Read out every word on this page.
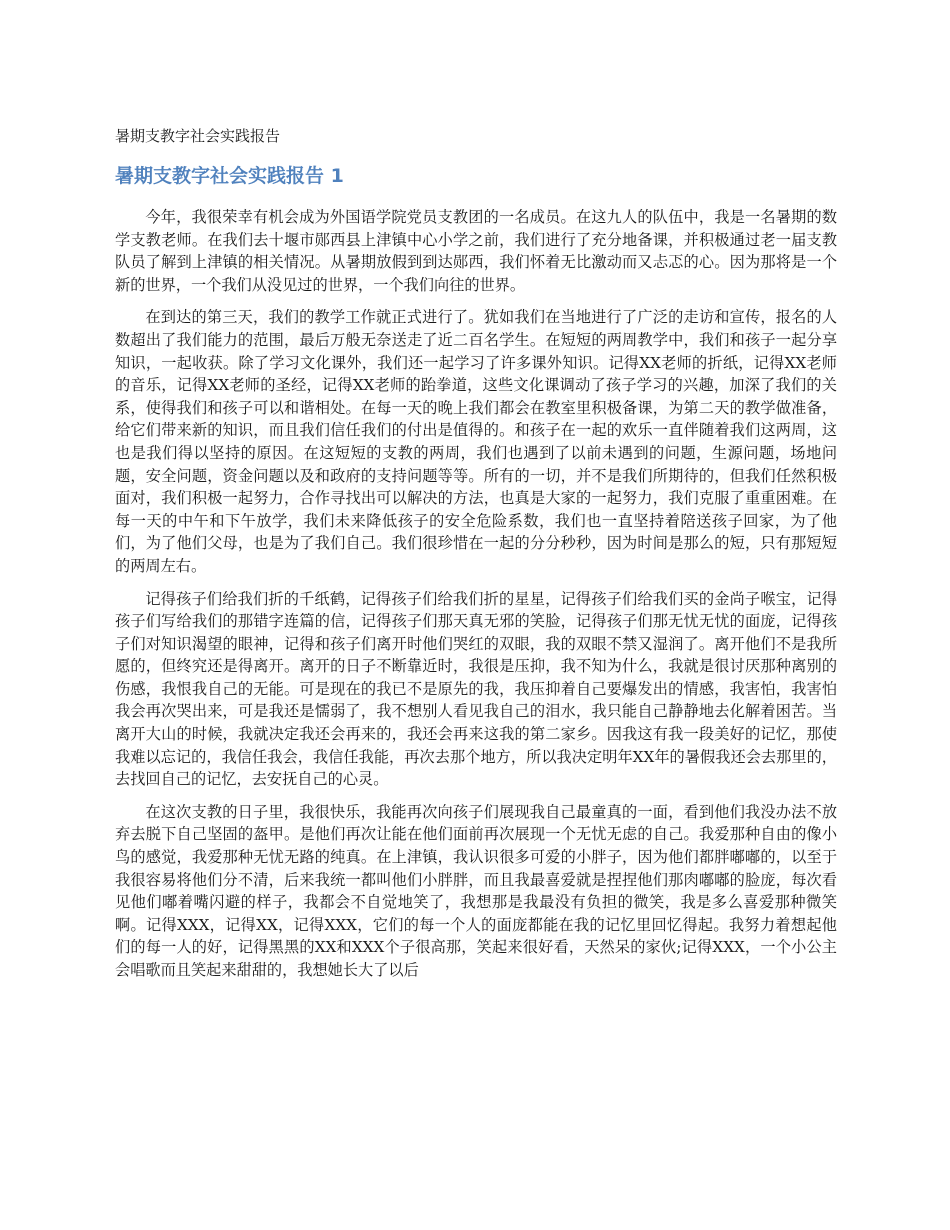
暑期支教字社会实践报告
暑期支教字社会实践报告 1

今年，我很荣幸有机会成为外国语学院党员支教团的一名成员。在这九人的队伍中，我是一名暑期的数学支教老师。在我们去十堰市郧西县上津镇中心小学之前，我们进行了充分地备课，并积极通过老一届支教队员了解到上津镇的相关情况。从暑期放假到到达郧西，我们怀着无比激动而又忐忑的心。因为那将是一个新的世界，一个我们从没见过的世界，一个我们向往的世界。

在到达的第三天，我们的教学工作就正式进行了。犹如我们在当地进行了广泛的走访和宣传，报名的人数超出了我们能力的范围，最后万般无奈送走了近二百名学生。在短短的两周教学中，我们和孩子一起分享知识，一起收获。除了学习文化课外，我们还一起学习了许多课外知识。记得XX老师的折纸，记得XX老师的音乐，记得XX老师的圣经，记得XX老师的跆拳道，这些文化课调动了孩子学习的兴趣，加深了我们的关系，使得我们和孩子可以和谐相处。在每一天的晚上我们都会在教室里积极备课，为第二天的教学做准备，给它们带来新的知识，而且我们信任我们的付出是值得的。和孩子在一起的欢乐一直伴随着我们这两周，这也是我们得以坚持的原因。在这短短的支教的两周，我们也遇到了以前未遇到的问题，生源问题，场地问题，安全问题，资金问题以及和政府的支持问题等等。所有的一切，并不是我们所期待的，但我们任然积极面对，我们积极一起努力，合作寻找出可以解决的方法，也真是大家的一起努力，我们克服了重重困难。在每一天的中午和下午放学，我们未来降低孩子的安全危险系数，我们也一直坚持着陪送孩子回家，为了他们，为了他们父母，也是为了我们自己。我们很珍惜在一起的分分秒秒，因为时间是那么的短，只有那短短的两周左右。

记得孩子们给我们折的千纸鹤，记得孩子们给我们折的星星，记得孩子们给我们买的金尚子喉宝，记得孩子们写给我们的那错字连篇的信，记得孩子们那天真无邪的笑脸，记得孩子们那无忧无忧的面庞，记得孩子们对知识渴望的眼神，记得和孩子们离开时他们哭红的双眼，我的双眼不禁又湿润了。离开他们不是我所愿的，但终究还是得离开。离开的日子不断靠近时，我很是压抑，我不知为什么，我就是很讨厌那种离别的伤感，我恨我自己的无能。可是现在的我已不是原先的我，我压抑着自己要爆发出的情感，我害怕，我害怕我会再次哭出来，可是我还是懦弱了，我不想别人看见我自己的泪水，我只能自己静静地去化解着困苦。当离开大山的时候，我就决定我还会再来的，我还会再来这我的第二家乡。因我这有我一段美好的记忆，那使我难以忘记的，我信任我会，我信任我能，再次去那个地方，所以我决定明年XX年的暑假我还会去那里的，去找回自己的记忆，去安抚自己的心灵。

在这次支教的日子里，我很快乐，我能再次向孩子们展现我自己最童真的一面，看到他们我没办法不放弃去脱下自己坚固的盔甲。是他们再次让能在他们面前再次展现一个无忧无虑的自己。我爱那种自由的像小鸟的感觉，我爱那种无忧无路的纯真。在上津镇，我认识很多可爱的小胖子，因为他们都胖嘟嘟的，以至于我很容易将他们分不清，后来我统一都叫他们小胖胖，而且我最喜爱就是捏捏他们那肉嘟嘟的脸庞，每次看见他们嘟着嘴闪避的样子，我都会不自觉地笑了，我想那是我最没有负担的微笑，我是多么喜爱那种微笑啊。记得XXX，记得XX，记得XXX，它们的每一个人的面庞都能在我的记忆里回忆得起。我努力着想起他们的每一人的好，记得黑黑的XX和XXX个子很高那，笑起来很好看，天然呆的家伙;记得XXX，一个小公主会唱歌而且笑起来甜甜的，我想她长大了以后
